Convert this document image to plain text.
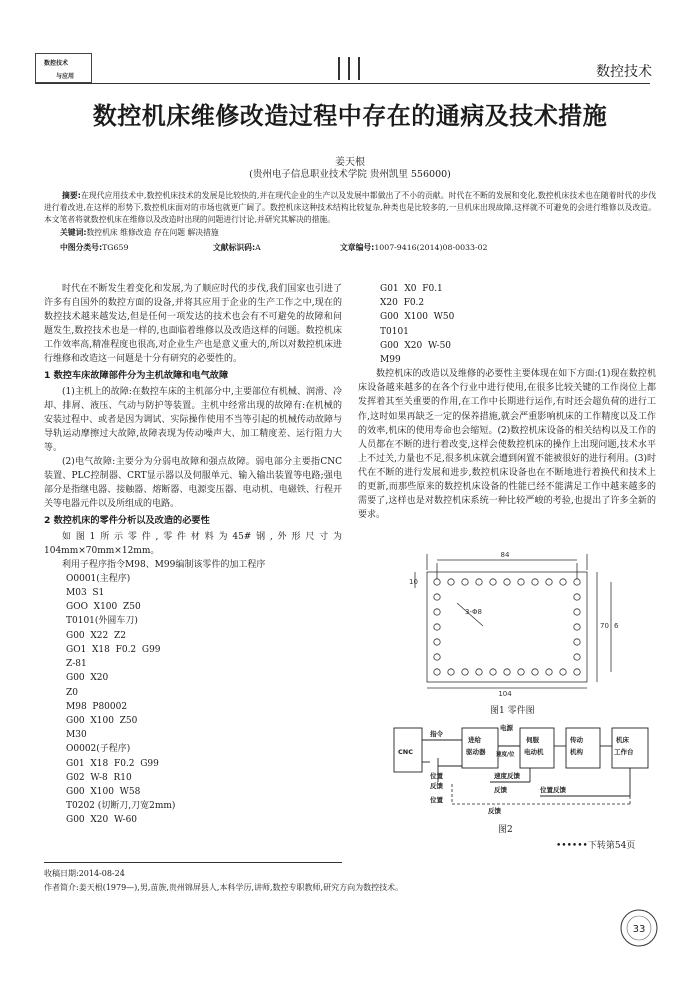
数控技术
与应用	数控技术
数控机床维修改造过程中存在的通病及技术措施
姜天根
(贵州电子信息职业技术学院 贵州凯里 556000)
摘要:在现代应用技术中,数控机床技术的发展是比较快的,并在现代企业的生产以及发展中都做出了不小的贡献。时代在不断的发展和变化,数控机床技术也在随着时代的步伐进行着改进,在这样的形势下,数控机床面对的市场也就更广阔了。数控机床这种技术结构比较复杂,种类也是比较多的,一旦机床出现故障,这样就不可避免的会进行维修以及改造。本文笔者将就数控机床在维修以及改造时出现的问题进行讨论,并研究其解决的措施。
关键词:数控机床 维修改造 存在问题 解决措施
中图分类号:TG659	文献标识码:A	文章编号:1007-9416(2014)08-0033-02

时代在不断发生着变化和发展,为了顺应时代的步伐,我们国家也引进了许多有自国外的数控方面的设备,并将其应用于企业的生产工作之中,现在的数控技术越来越发达,但是任何一项发达的技术也会有不可避免的故障和问题发生,数控技术也是一样的,也面临着维修以及改造这样的问题。数控机床工作效率高,精准程度也很高,对企业生产也是意义重大的,所以对数控机床进行维修和改造这一问题是十分有研究的必要性的。

1 数控车床故障部件分为主机故障和电气故障

(1)主机上的故障:在数控车床的主机部分中,主要部位有机械、润滑、冷却、排屑、液压、气动与防护等装置。主机中经常出现的故障有:在机械的安装过程中、或者是因为调试、实际操作使用不当等引起的机械传动故障与导轨运动摩擦过大故障,故障表现为传动噪声大、加工精度差、运行阻力大等。

(2)电气故障:主要分为分弱电故障和强点故障。弱电部分主要指CNC装置、PLC控制器、CRT显示器以及伺服单元、输入输出装置等电路;强电部分是指继电器、接触器、熔断器、电源变压器、电动机、电磁铁、行程开关等电器元件以及所组成的电路。

2 数控机床的零件分析以及改造的必要性

如图1所示零件,零件材料为45#钢,外形尺寸为104mm×70mm×12mm。

利用子程序指令M98、M99编制该零件的加工程序

O0001(主程序)
M03  S1
GOO  X100  Z50
T0101(外圆车刀)
G00  X22  Z2
GO1  X18  F0.2  G99
Z-81
G00  X20
Z0
M98  P80002
G00  X100  Z50
M30
O0002(子程序)
G01  X18  F0.2  G99
G02  W-8  R10
G00  X100  W58
T0202 (切断刀,刀宽2mm)
G00  X20  W-60
G01  X0  F0.1
X20  F0.2
G00  X100  W50
T0101
G00  X20  W-50
M99

数控机床的改造以及维修的必要性主要体现在如下方面:(1)现在数控机床设备越来越多的在各个行业中进行使用,在很多比较关键的工作岗位上都发挥着其至关重要的作用,在工作中长期进行运作,有时还会超负荷的进行工作,这时如果再缺乏一定的保养措施,就会严重影响机床的工作精度以及工作的效率,机床的使用寿命也会缩短。(2)数控机床设备的相关结构以及工作的人员都在不断的进行着改变,这样会使数控机床的操作上出现问题,技术水平上不过关,力量也不足,很多机床就会遭到闲置不能被很好的进行利用。(3)时代在不断的进行发展和进步,数控机床设备也在不断地进行着换代和技术上的更新,而那些原来的数控机床设备的性能已经不能满足工作中越来越多的需要了,这样也是对数控机床系统一种比较严峻的考验,也提出了许多全新的要求。

84
104
10
70 6
3-Φ8
图1 零件图
CNC
指令
进给
驱动器
电源
速度/位
伺服
电动机
传动
机构
机床
工作台
速度反馈
位置
反馈	位置反馈
反馈
位置
反馈
图2
••••••下转第54页
收稿日期:2014-08-24
作者简介:姜天根(1979—),男,苗族,贵州锦屏县人,本科学历,讲师,数控专职教师,研究方向为数控技术。
33
